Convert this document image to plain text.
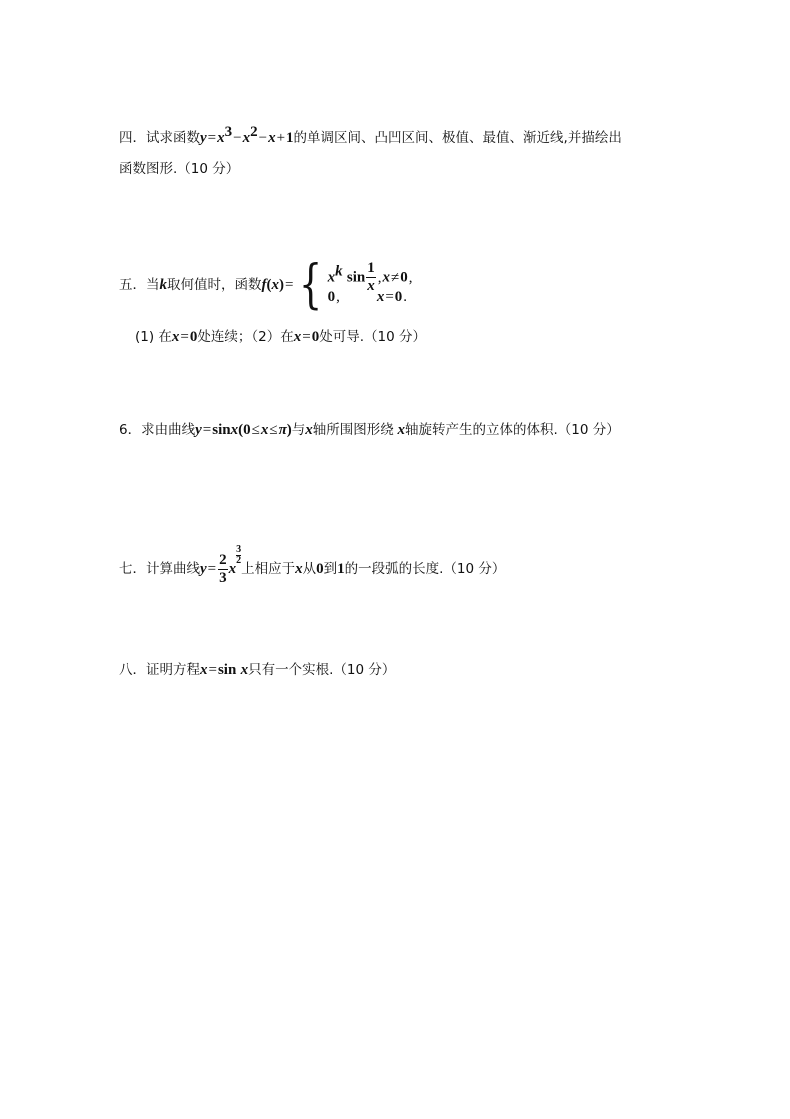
四．试求函数$y=x^3-x^2-x+1$的单调区间、凸凹区间、极值、最值、渐近线,并描绘出
函数图形.（10 分）
五．当k取何值时，函数f(x)= { $x^k$ $\sin \frac{1}{x} ,x\ne 0$,
0, x=0.
(1) 在x=0处连续；（2）在x=0处可导.（10 分）
6．求由曲线y=sinx(0≤x≤π)与x轴所围图形绕 x轴旋转产生的立体的体积.（10 分）
七．计算曲线$y= \frac{2}{3}$ x
$\frac{3}{2}$
上相应于x从0到1的一段弧的长度.（10 分）
八．证明方程x=sin x只有一个实根.（10 分）
